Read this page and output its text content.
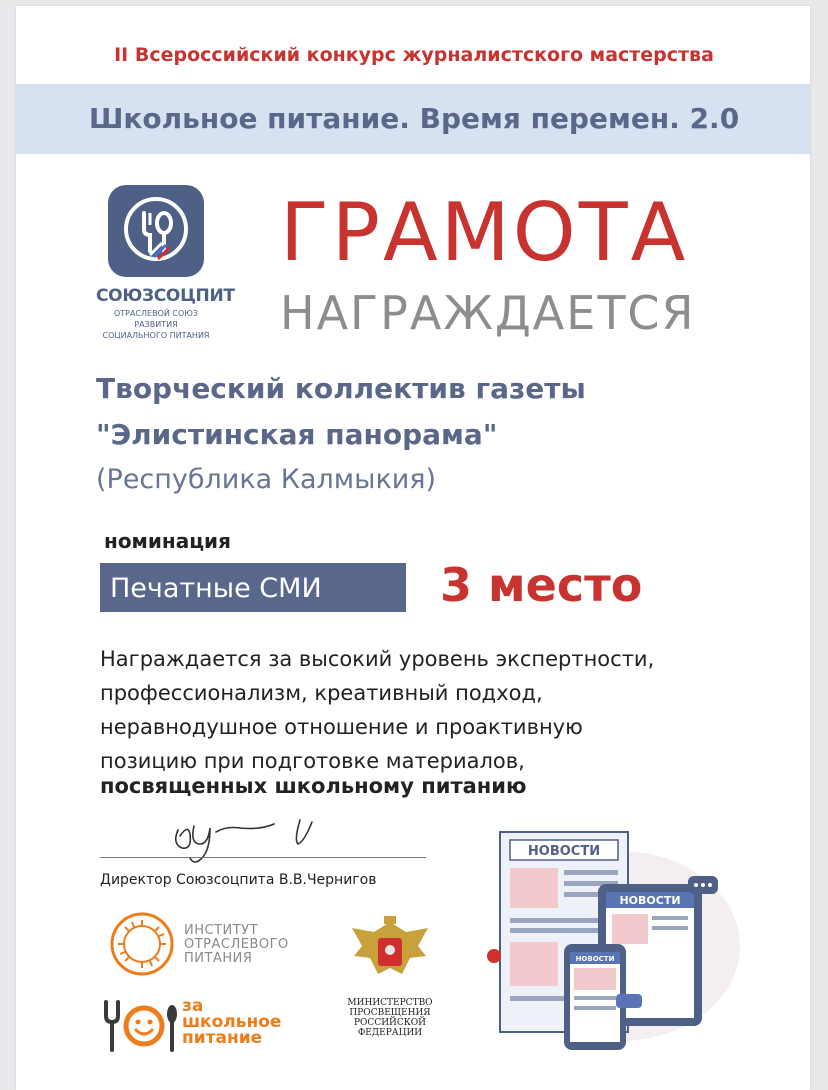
II Всероссийский конкурс журналистского мастерства
Школьное питание. Время перемен. 2.0
СОЮЗСОЦПИТ
ОТРАСЛЕВОЙ СОЮЗ
РАЗВИТИЯ
СОЦИАЛЬНОГО ПИТАНИЯ
ГРАМОТА
НАГРАЖДАЕТСЯ
Творческий коллектив газеты
"Элистинская панорама"
(Республика Калмыкия)
номинация
Печатные СМИ	3 место
Награждается за высокий уровень экспертности,
профессионализм, креативный подход,
неравнодушное отношение и проактивную
позицию при подготовке материалов,
посвященных школьному питанию
Директор Союзсоцпита В.В.Чернигов
ИНСТИТУТ
ОТРАСЛЕВОГО
ПИТАНИЯ
за
школьное
питание
МИНИСТЕРСТВО
ПРОСВЕЩЕНИЯ
РОССИЙСКОЙ
ФЕДЕРАЦИИ
НОВОСТИ
НОВОСТИ
НОВОСТИ
